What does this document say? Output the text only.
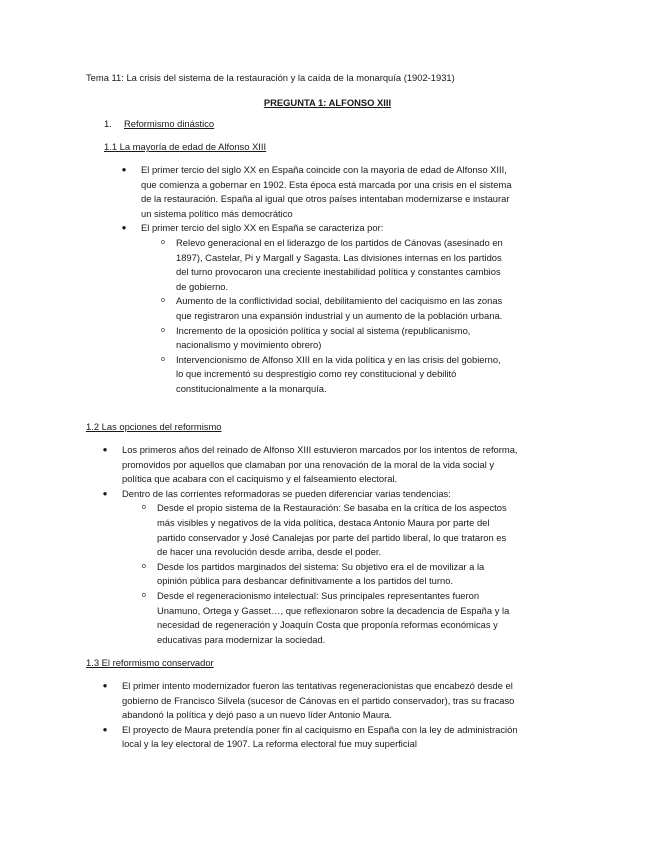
Tema 11: La crisis del sistema de la restauración y la caída de la monarquía (1902-1931)
PREGUNTA 1: ALFONSO XIII
1. Reformismo dinástico
1.1 La mayoría de edad de Alfonso XIII
● El primer tercio del siglo XX en España coincide con la mayoría de edad de Alfonso XIII, que comienza a gobernar en 1902. Esta época está marcada por una crisis en el sistema de la restauración. España al igual que otros países intentaban modernizarse e instaurar un sistema político más democrático
● El primer tercio del siglo XX en España se caracteriza por:
o	Relevo generacional en el liderazgo de los partidos de Cánovas (asesinado en 1897), Castelar, Pi y Margall y Sagasta. Las divisiones internas en los partidos del turno provocaron una creciente inestabilidad política y constantes cambios de gobierno.
o	Aumento de la conflictividad social, debilitamiento del caciquismo en las zonas que registraron una expansión industrial y un aumento de la población urbana.
o	Incremento de la oposición política y social al sistema (republicanismo, nacionalismo y movimiento obrero)
o	Intervencionismo de Alfonso XIII en la vida política y en las crisis del gobierno, lo que incrementó su desprestigio como rey constitucional y debilitó constitucionalmente a la monarquía.
1.2 Las opciones del reformismo
● Los primeros años del reinado de Alfonso XIII estuvieron marcados por los intentos de reforma, promovidos por aquellos que clamaban por una renovación de la moral de la vida social y política que acabara con el caciquismo y el falseamiento electoral.
● Dentro de las corrientes reformadoras se pueden diferenciar varias tendencias:
o	Desde el propio sistema de la Restauración: Se basaba en la crítica de los aspectos más visibles y negativos de la vida política, destaca Antonio Maura por parte del partido conservador y José Canalejas por parte del partido liberal, lo que trataron es de hacer una revolución desde arriba, desde el poder.
o	Desde los partidos marginados del sistema: Su objetivo era el de movilizar a la opinión pública para desbancar definitivamente a los partidos del turno.
o	Desde el regeneracionismo intelectual: Sus principales representantes fueron Unamuno, Ortega y Gasset…, que reflexionaron sobre la decadencia de España y la necesidad de regeneración y Joaquín Costa que proponía reformas económicas y educativas para modernizar la sociedad.
1.3 El reformismo conservador
● El primer intento modernizador fueron las tentativas regeneracionistas que encabezó desde el gobierno de Francisco Silvela (sucesor de Cánovas en el partido conservador), tras su fracaso abandonó la política y dejó paso a un nuevo líder Antonio Maura.
● El proyecto de Maura pretendía poner fin al caciquismo en España con la ley de administración local y la ley electoral de 1907. La reforma electoral fue muy superficial
